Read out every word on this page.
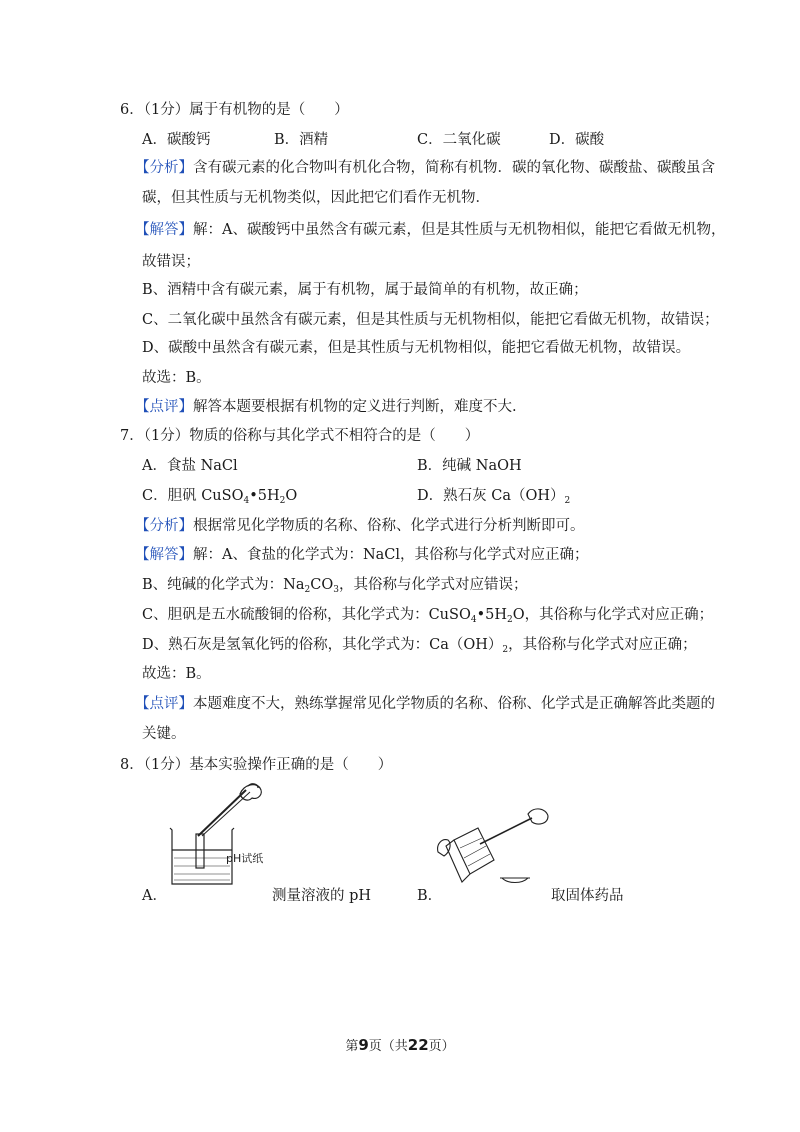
6．（1分）属于有机物的是（　　）
A．碳酸钙	B．酒精	C．二氧化碳	D．碳酸
【分析】含有碳元素的化合物叫有机化合物，简称有机物．碳的氧化物、碳酸盐、碳酸虽含
碳，但其性质与无机物类似，因此把它们看作无机物．
【解答】解：A、碳酸钙中虽然含有碳元素，但是其性质与无机物相似，能把它看做无机物，
故错误；
B、酒精中含有碳元素，属于有机物，属于最简单的有机物，故正确；
C、二氧化碳中虽然含有碳元素，但是其性质与无机物相似，能把它看做无机物，故错误；
D、碳酸中虽然含有碳元素，但是其性质与无机物相似，能把它看做无机物，故错误。
故选：B。
【点评】解答本题要根据有机物的定义进行判断，难度不大.
7．（1分）物质的俗称与其化学式不相符合的是（　　）
A．食盐 NaCl	B．纯碱 NaOH
C．胆矾 $CuSO_4•5H_2O$	D．熟石灰 $Ca(OH)_2$
【分析】根据常见化学物质的名称、俗称、化学式进行分析判断即可。
【解答】解：A、食盐的化学式为：NaCl，其俗称与化学式对应正确；
B、纯碱的化学式为：$Na_2CO_3$，其俗称与化学式对应错误；
C、胆矾是五水硫酸铜的俗称，其化学式为：$CuSO_4•5H_2O$，其俗称与化学式对应正确；
D、熟石灰是氢氧化钙的俗称，其化学式为：$Ca(OH)_2$，其俗称与化学式对应正确；
故选：B。
【点评】本题难度不大，熟练掌握常见化学物质的名称、俗称、化学式是正确解答此类题的
关键。
8．（1分）基本实验操作正确的是（　　）
pH试纸
A．	测量溶液的 pH	B．	取固体药品
第9页（共22页）
